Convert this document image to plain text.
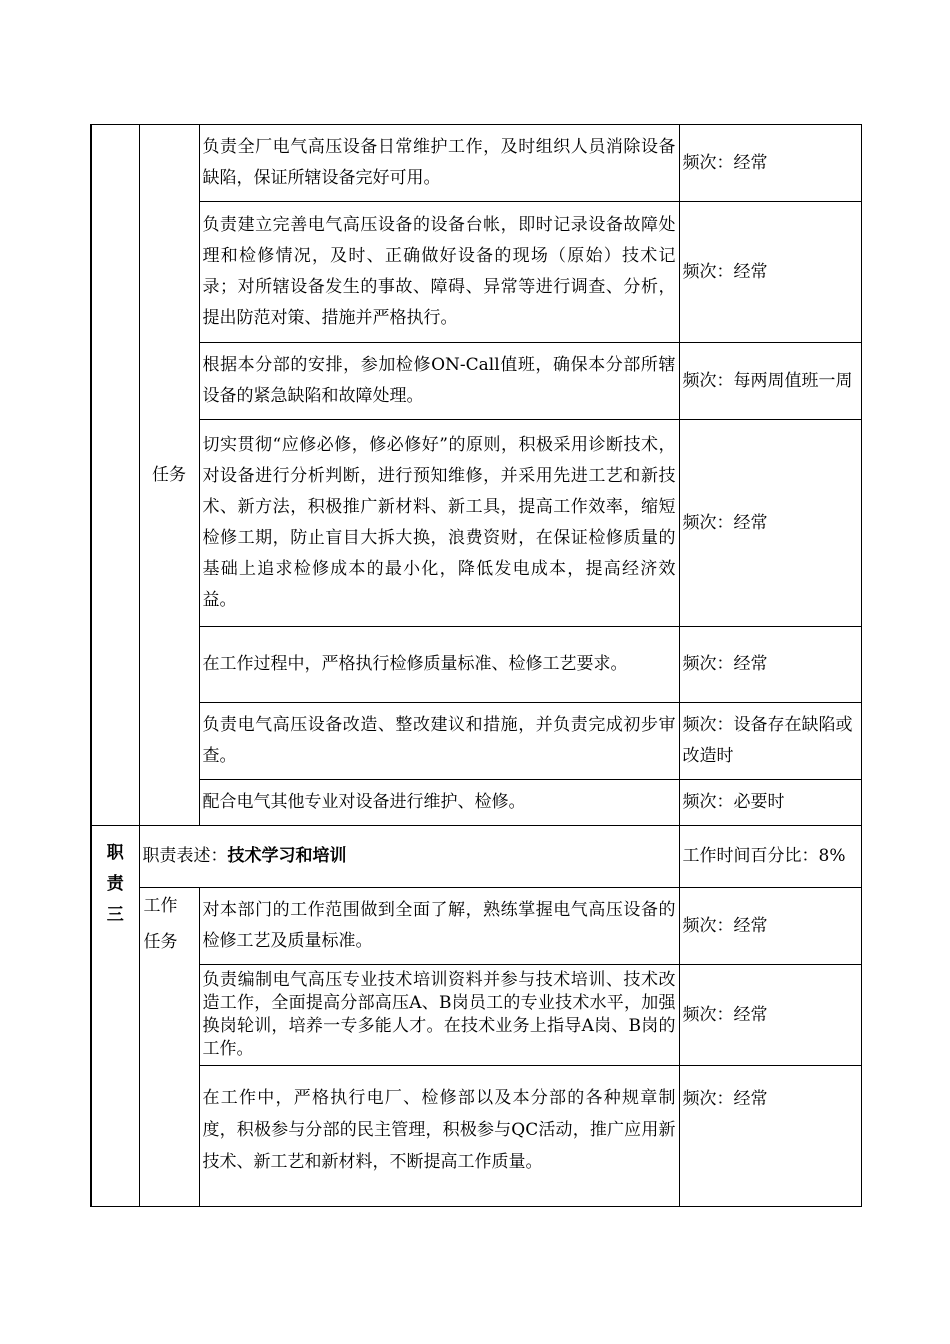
	任务	负责全厂电气高压设备日常维护工作，及时组织人员消除设备缺陷，保证所辖设备完好可用。	频次：经常
		负责建立完善电气高压设备的设备台帐，即时记录设备故障处理和检修情况，及时、正确做好设备的现场（原始）技术记录；对所辖设备发生的事故、障碍、异常等进行调查、分析，提出防范对策、措施并严格执行。	频次：经常
		根据本分部的安排，参加检修ON-Call值班，确保本分部所辖设备的紧急缺陷和故障处理。	频次：每两周值班一周
		切实贯彻“应修必修，修必修好”的原则，积极采用诊断技术，对设备进行分析判断，进行预知维修，并采用先进工艺和新技术、新方法，积极推广新材料、新工具，提高工作效率，缩短检修工期，防止盲目大拆大换，浪费资财，在保证检修质量的基础上追求检修成本的最小化，降低发电成本，提高经济效益。	频次：经常
		在工作过程中，严格执行检修质量标准、检修工艺要求。	频次：经常
		负责电气高压设备改造、整改建议和措施，并负责完成初步审查。	频次：设备存在缺陷或改造时
		配合电气其他专业对设备进行维护、检修。	频次：必要时

职
责
三	职责表述：技术学习和培训		工作时间百分比：8%

	工作
任务	对本部门的工作范围做到全面了解，熟练掌握电气高压设备的检修工艺及质量标准。	频次：经常
		负责编制电气高压专业技术培训资料并参与技术培训、技术改造工作，全面提高分部高压A、B岗员工的专业技术水平，加强换岗轮训，培养一专多能人才。在技术业务上指导A岗、B岗的工作。	频次：经常
		在工作中，严格执行电厂、检修部以及本分部的各种规章制度，积极参与分部的民主管理，积极参与QC活动，推广应用新技术、新工艺和新材料，不断提高工作质量。	频次：经常
